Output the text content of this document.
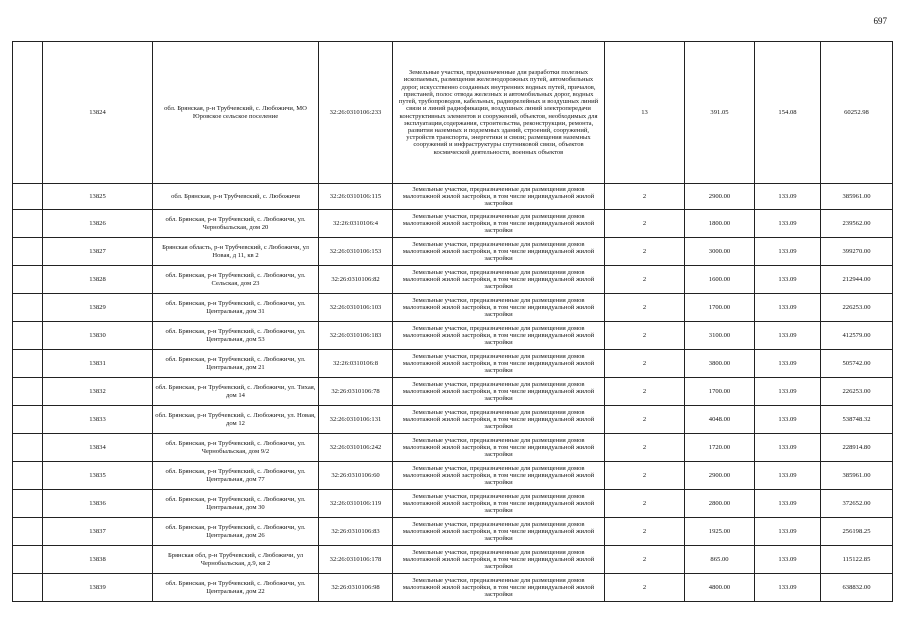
697
	13824	обл. Брянская, р-н Трубчевский, с. Любожичи, МО Юровское сельское поселение	32:26:0310106:233	Земельные участки, предназначенные для разработки полезных ископаемых, размещения железнодорожных путей, автомобильных дорог, искусственно созданных внутренних водных путей, причалов, пристаней, полос отвода железных и автомобильных дорог, водных путей, трубопроводов, кабельных, радиорелейных и воздушных линий связи и линий радиофикации, воздушных линий электропередачи конструктивных элементов и сооружений, объектов, необходимых для эксплуатации,содержания, строительства, реконструкции, ремонта, развития наземных и подземных зданий, строений, сооружений, устройств транспорта, энергетики и связи; размещения наземных сооружений и инфраструктуры спутниковой связи, объектов космической деятельности, военных объектов	13	391.05	154.08	60252.98
	13825	обл. Брянская, р-н Трубчевский, с. Любожичи	32:26:0310106:115	Земельные участки, предназначенные для размещения домов малоэтажной жилой застройки, в том числе индивидуальной жилой застройки	2	2900.00	133.09	385961.00
	13826	обл. Брянская, р-н Трубчевский, с. Любожичи, ул. Чернобыльская, дом 20	32:26:0310106:4	Земельные участки, предназначенные для размещения домов малоэтажной жилой застройки, в том числе индивидуальной жилой застройки	2	1800.00	133.09	239562.00
	13827	Брянская область, р-н Трубчевский, с Любожичи, ул Новая, д 11, кв 2	32:26:0310106:153	Земельные участки, предназначенные для размещения домов малоэтажной жилой застройки, в том числе индивидуальной жилой застройки	2	3000.00	133.09	399270.00
	13828	обл. Брянская, р-н Трубчевский, с. Любожичи, ул. Сельская, дом 23	32:26:0310106:82	Земельные участки, предназначенные для размещения домов малоэтажной жилой застройки, в том числе индивидуальной жилой застройки	2	1600.00	133.09	212944.00
	13829	обл. Брянская, р-н Трубчевский, с. Любожичи, ул. Центральная, дом 31	32:26:0310106:103	Земельные участки, предназначенные для размещения домов малоэтажной жилой застройки, в том числе индивидуальной жилой застройки	2	1700.00	133.09	226253.00
	13830	обл. Брянская, р-н Трубчевский, с. Любожичи, ул. Центральная, дом 53	32:26:0310106:183	Земельные участки, предназначенные для размещения домов малоэтажной жилой застройки, в том числе индивидуальной жилой застройки	2	3100.00	133.09	412579.00
	13831	обл. Брянская, р-н Трубчевский, с. Любожичи, ул. Центральная, дом 21	32:26:0310106:8	Земельные участки, предназначенные для размещения домов малоэтажной жилой застройки, в том числе индивидуальной жилой застройки	2	3800.00	133.09	505742.00
	13832	обл. Брянская, р-н Трубчевский, с. Любожичи, ул. Тихая, дом 14	32:26:0310106:78	Земельные участки, предназначенные для размещения домов малоэтажной жилой застройки, в том числе индивидуальной жилой застройки	2	1700.00	133.09	226253.00
	13833	обл. Брянская, р-н Трубчевский, с. Любожичи, ул. Новая, дом 12	32:26:0310106:131	Земельные участки, предназначенные для размещения домов малоэтажной жилой застройки, в том числе индивидуальной жилой застройки	2	4048.00	133.09	538748.32
	13834	обл. Брянская, р-н Трубчевский, с. Любожичи, ул. Чернобыльская, дом 9/2	32:26:0310106:242	Земельные участки, предназначенные для размещения домов малоэтажной жилой застройки, в том числе индивидуальной жилой застройки	2	1720.00	133.09	228914.80
	13835	обл. Брянская, р-н Трубчевский, с. Любожичи, ул. Центральная, дом 77	32:26:0310106:60	Земельные участки, предназначенные для размещения домов малоэтажной жилой застройки, в том числе индивидуальной жилой застройки	2	2900.00	133.09	385961.00
	13836	обл. Брянская, р-н Трубчевский, с. Любожичи, ул. Центральная, дом 30	32:26:0310106:119	Земельные участки, предназначенные для размещения домов малоэтажной жилой застройки, в том числе индивидуальной жилой застройки	2	2800.00	133.09	372652.00
	13837	обл. Брянская, р-н Трубчевский, с. Любожичи, ул. Центральная, дом 26	32:26:0310106:83	Земельные участки, предназначенные для размещения домов малоэтажной жилой застройки, в том числе индивидуальной жилой застройки	2	1925.00	133.09	256198.25
	13838	Брянская обл, р-н Трубчевский, с Любожичи, ул Чернобыльская, д.9, кв 2	32:26:0310106:178	Земельные участки, предназначенные для размещения домов малоэтажной жилой застройки, в том числе индивидуальной жилой застройки	2	865.00	133.09	115122.85
	13839	обл. Брянская, р-н Трубчевский, с. Любожичи, ул. Центральная, дом 22	32:26:0310106:98	Земельные участки, предназначенные для размещения домов малоэтажной жилой застройки, в том числе индивидуальной жилой застройки	2	4800.00	133.09	638832.00
